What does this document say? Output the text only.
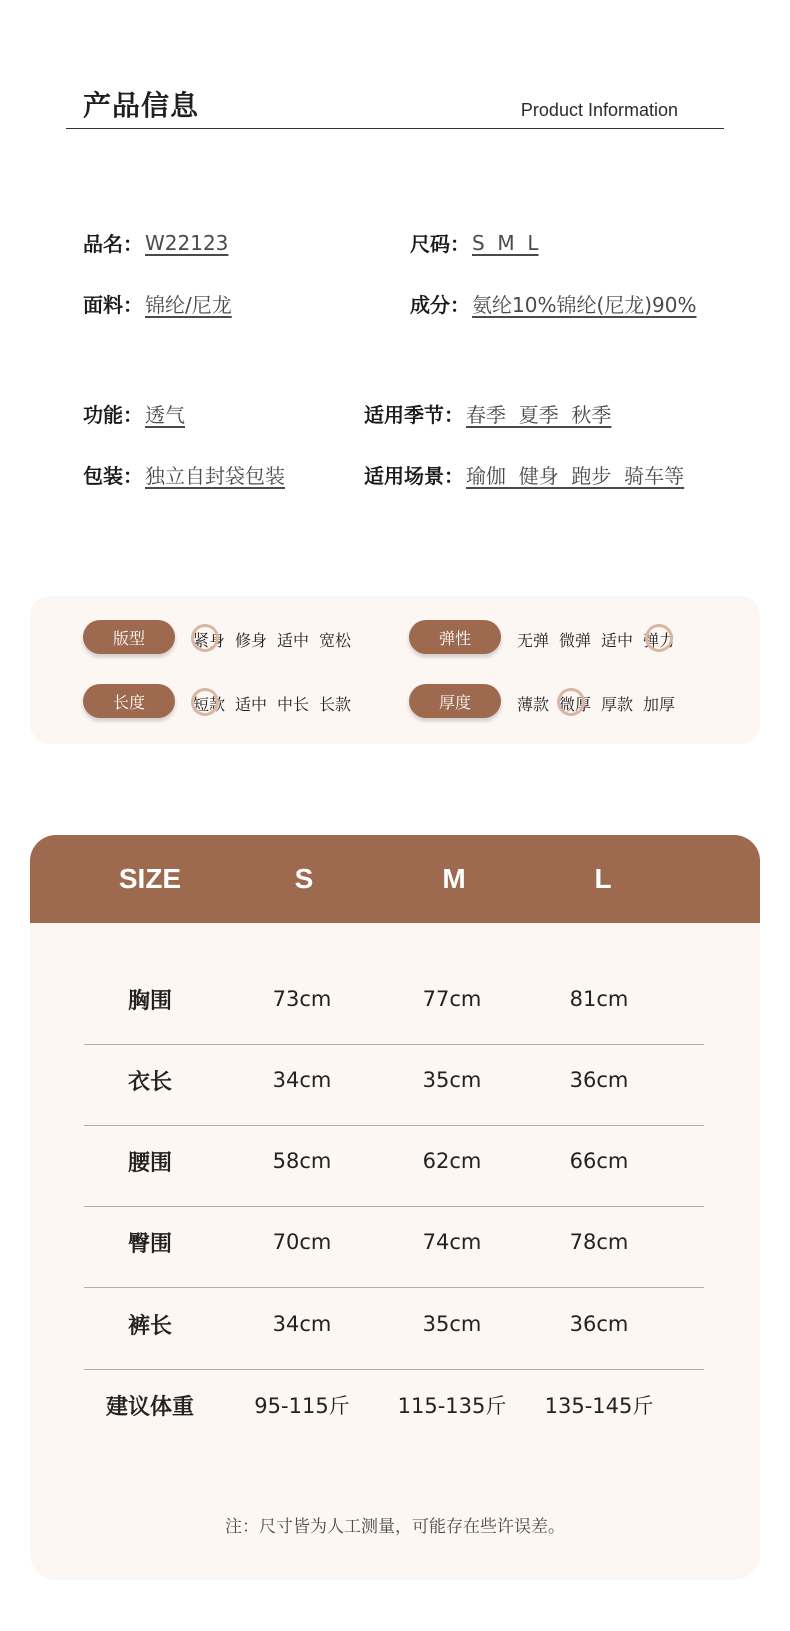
产品信息	Product Information
品名： W22123	尺码： S  M  L
面料： 锦纶/尼龙	成分： 氨纶10%锦纶(尼龙)90%
功能： 透气	适用季节： 春季  夏季  秋季
包装： 独立自封袋包装	适用场景： 瑜伽  健身  跑步  骑车等
版型	紧身 修身 适中 宽松	弹性	无弹 微弹 适中 弹力
长度	短款 适中 中长 长款	厚度	薄款 微厚 厚款 加厚
SIZE	S	M	L
胸围	73cm	77cm	81cm
衣长	34cm	35cm	36cm
腰围	58cm	62cm	66cm
臀围	70cm	74cm	78cm
裤长	34cm	35cm	36cm
建议体重	95-115斤	115-135斤	135-145斤
注：尺寸皆为人工测量，可能存在些许误差。
